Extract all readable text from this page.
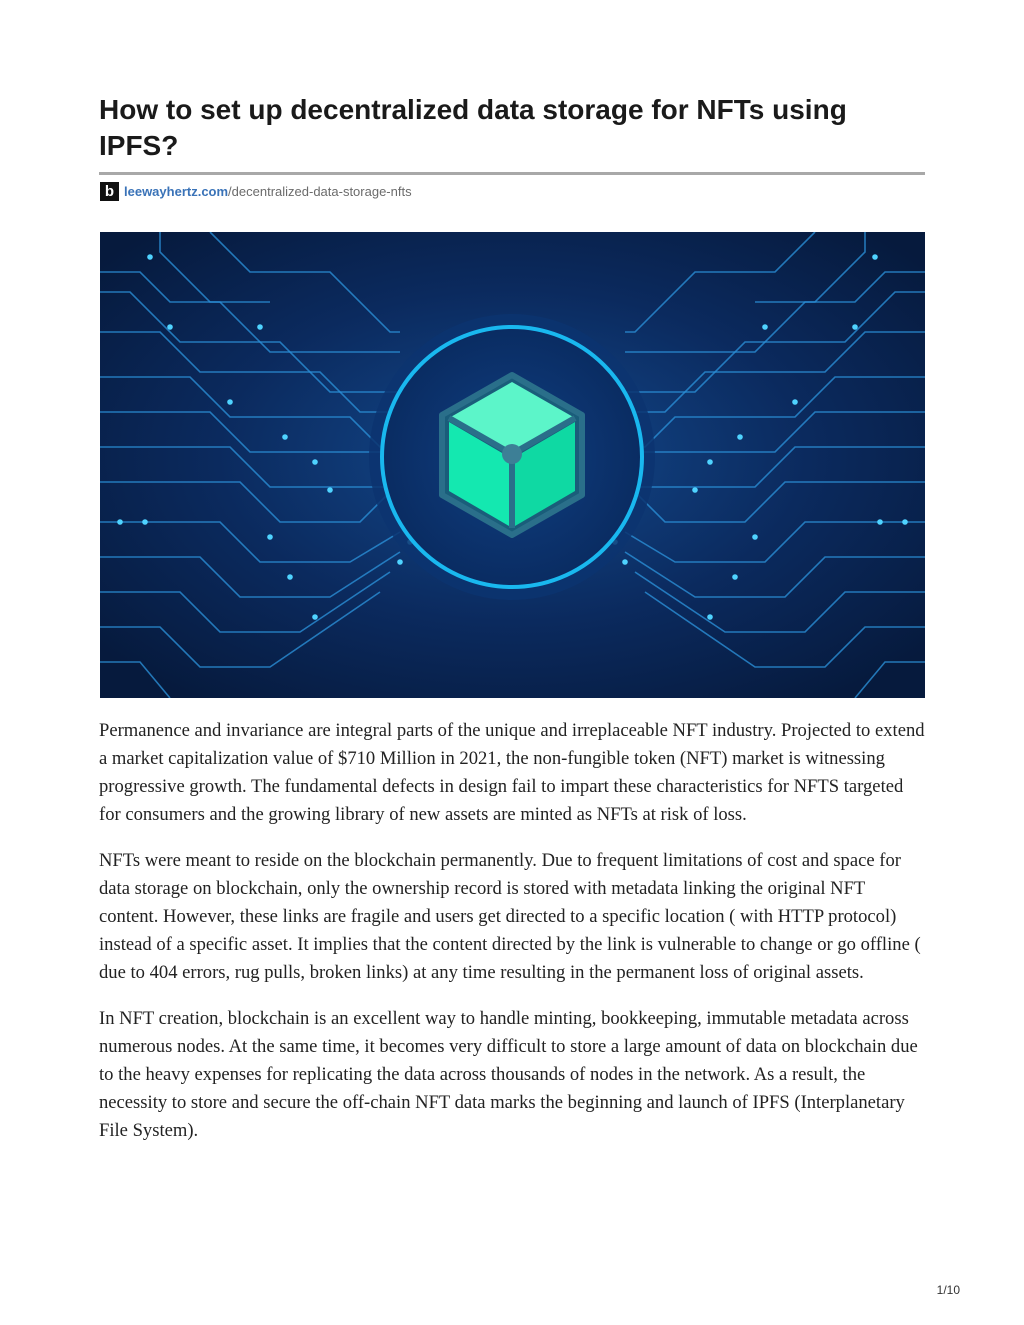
How to set up decentralized data storage for NFTs using IPFS?
b leewayhertz.com/decentralized-data-storage-nfts

Permanence and invariance are integral parts of the unique and irreplaceable NFT industry. Projected to extend a market capitalization value of $710 Million in 2021, the non-fungible token (NFT) market is witnessing progressive growth. The fundamental defects in design fail to impart these characteristics for NFTS targeted for consumers and the growing library of new assets are minted as NFTs at risk of loss.

NFTs were meant to reside on the blockchain permanently. Due to frequent limitations of cost and space for data storage on blockchain, only the ownership record is stored with metadata linking the original NFT content. However, these links are fragile and users get directed to a specific location ( with HTTP protocol) instead of a specific asset. It implies that the content directed by the link is vulnerable to change or go offline ( due to 404 errors, rug pulls, broken links) at any time resulting in the permanent loss of original assets.

In NFT creation, blockchain is an excellent way to handle minting, bookkeeping, immutable metadata across numerous nodes. At the same time, it becomes very difficult to store a large amount of data on blockchain due to the heavy expenses for replicating the data across thousands of nodes in the network. As a result, the necessity to store and secure the off-chain NFT data marks the beginning and launch of IPFS (Interplanetary File System).

1/10
